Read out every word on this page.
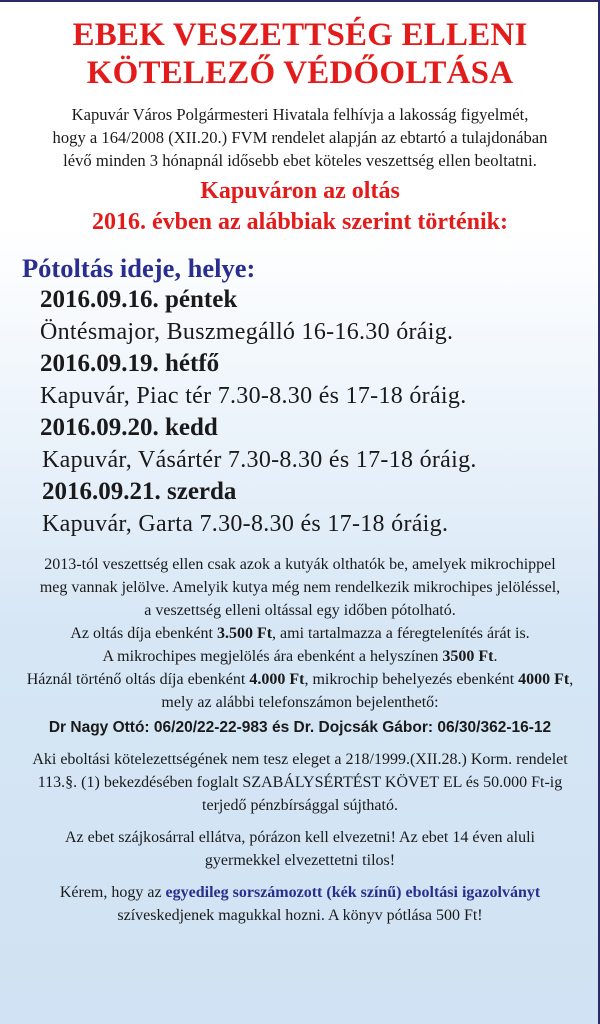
EBEK VESZETTSÉG ELLENI
KÖTELEZŐ VÉDŐOLTÁSA
Kapuvár Város Polgármesteri Hivatala felhívja a lakosság figyelmét,
hogy a 164/2008 (XII.20.) FVM rendelet alapján az ebtartó a tulajdonában
lévő minden 3 hónapnál idősebb ebet köteles veszettség ellen beoltatni.
Kapuváron az oltás
2016. évben az alábbiak szerint történik:
Pótoltás ideje, helye:
2016.09.16. péntek
Öntésmajor, Buszmegálló 16-16.30 óráig.
2016.09.19. hétfő
Kapuvár, Piac tér 7.30-8.30 és 17-18 óráig.
2016.09.20. kedd
Kapuvár, Vásártér 7.30-8.30 és 17-18 óráig.
2016.09.21. szerda
Kapuvár, Garta 7.30-8.30 és 17-18 óráig.
2013-tól veszettség ellen csak azok a kutyák olthatók be, amelyek mikrochippel
meg vannak jelölve. Amelyik kutya még nem rendelkezik mikrochipes jelöléssel,
a veszettség elleni oltással egy időben pótolható.
Az oltás díja ebenként 3.500 Ft, ami tartalmazza a féregtelenítés árát is.
A mikrochipes megjelölés ára ebenként a helyszínen 3500 Ft.
Háznál történő oltás díja ebenként 4.000 Ft, mikrochip behelyezés ebenként 4000 Ft,
mely az alábbi telefonszámon bejelenthető:
Dr Nagy Ottó: 06/20/22-22-983 és Dr. Dojcsák Gábor: 06/30/362-16-12
Aki eboltási kötelezettségének nem tesz eleget a 218/1999.(XII.28.) Korm. rendelet
113.§. (1) bekezdésében foglalt SZABÁLYSÉRTÉST KÖVET EL és 50.000 Ft-ig
terjedő pénzbírsággal sújtható.
Az ebet szájkosárral ellátva, pórázon kell elvezetni! Az ebet 14 éven aluli
gyermekkel elvezettetni tilos!
Kérem, hogy az egyedileg sorszámozott (kék színű) eboltási igazolványt
szíveskedjenek magukkal hozni. A könyv pótlása 500 Ft!
